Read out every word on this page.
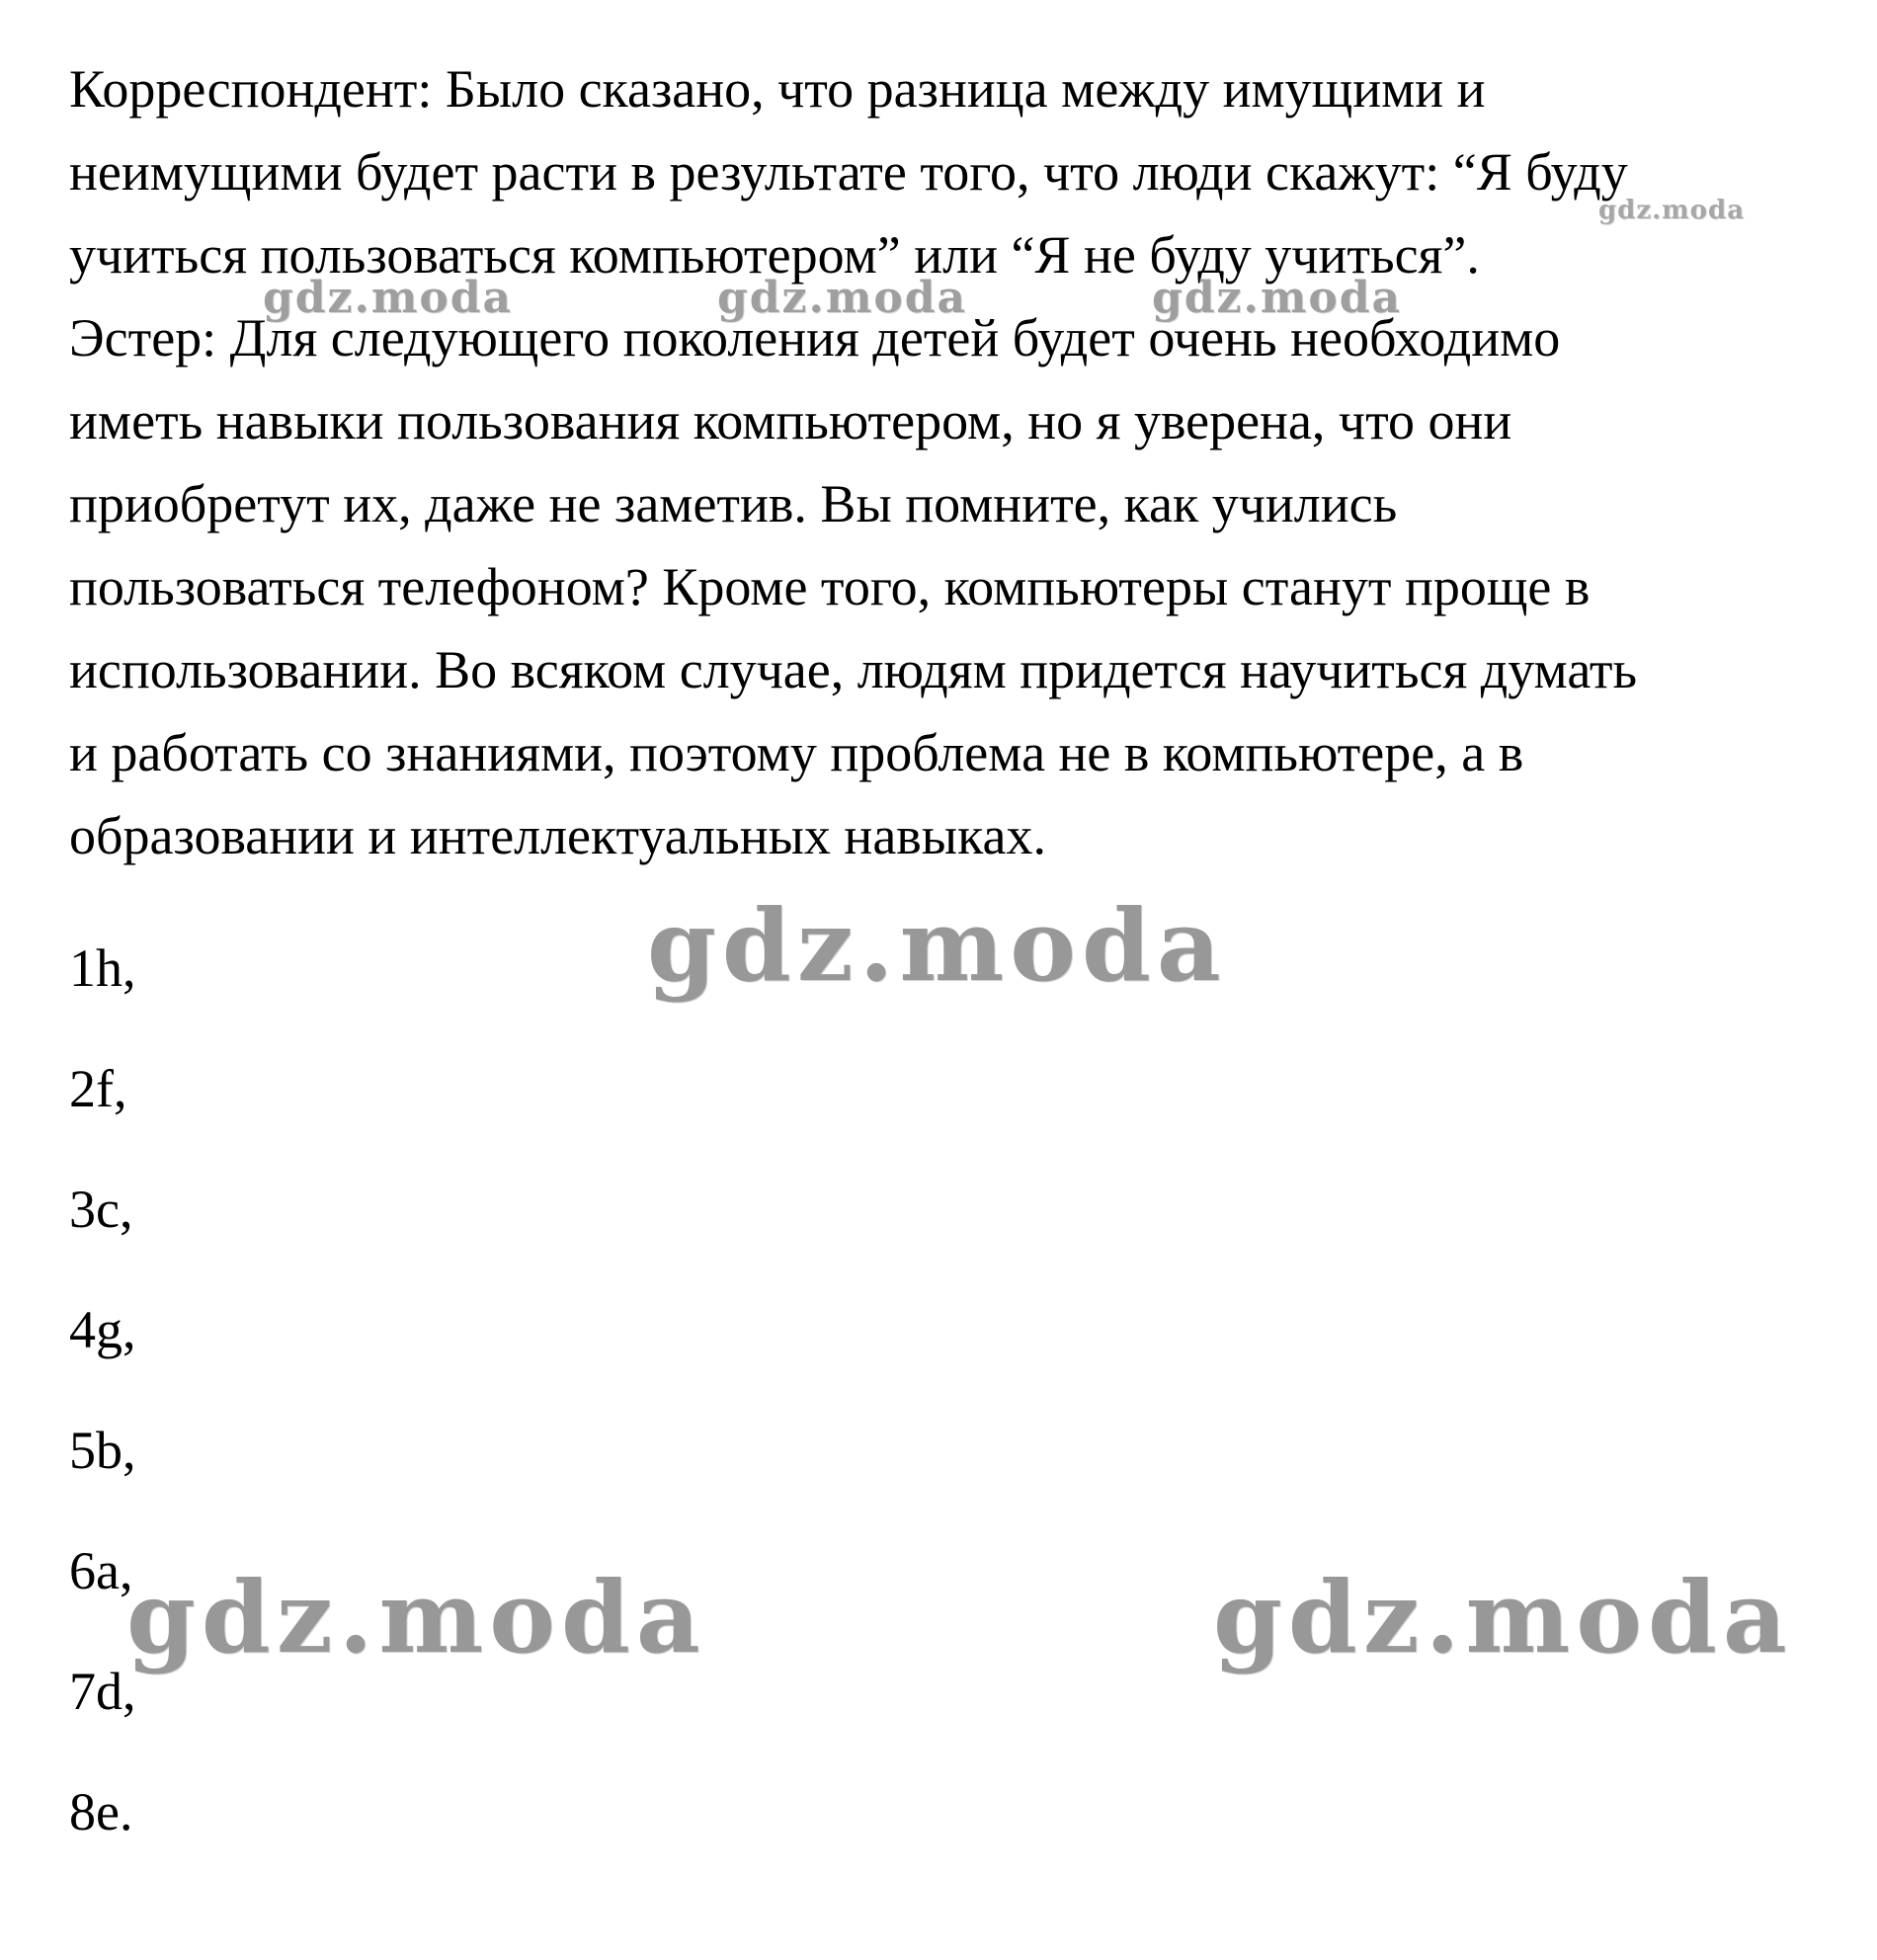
Корреспондент: Было сказано, что разница между имущими и
неимущими будет расти в результате того, что люди скажут: “Я буду
учиться пользоваться компьютером” или “Я не буду учиться”.
Эстер: Для следующего поколения детей будет очень необходимо
иметь навыки пользования компьютером, но я уверена, что они
приобретут их, даже не заметив. Вы помните, как учились
пользоваться телефоном? Кроме того, компьютеры станут проще в
использовании. Во всяком случае, людям придется научиться думать
и работать со знаниями, поэтому проблема не в компьютере, а в
образовании и интеллектуальных навыках.
1h,
2f,
3c,
4g,
5b,
6a,
7d,
8e.
gdz.moda
gdz.moda	gdz.moda	gdz.moda
gdz.moda
gdz.moda	gdz.moda
